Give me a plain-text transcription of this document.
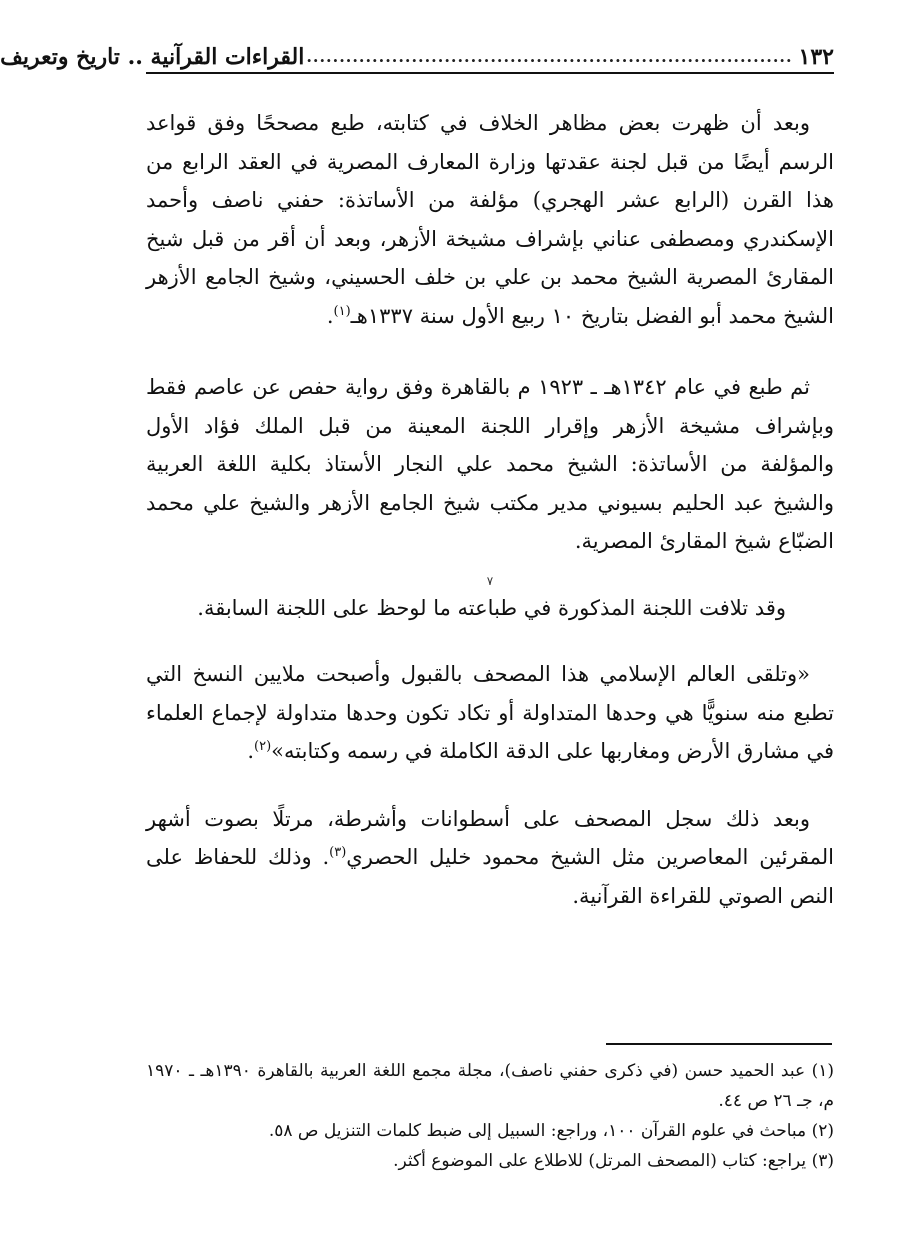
١٣٢
..........................................................................
القراءات القرآنية .. تاريخ وتعريف

وبعد أن ظهرت بعض مظاهر الخلاف في كتابته، طبع مصححًا وفق قواعد الرسم أيضًا من قبل لجنة عقدتها وزارة المعارف المصرية في العقد الرابع من هذا القرن (الرابع عشر الهجري) مؤلفة من الأساتذة: حفني ناصف وأحمد الإسكندري ومصطفى عناني بإشراف مشيخة الأزهر، وبعد أن أقر من قبل شيخ المقارئ المصرية الشيخ محمد بن علي بن خلف الحسيني، وشيخ الجامع الأزهر الشيخ محمد أبو الفضل بتاريخ ١٠ ربيع الأول سنة ١٣٣٧هـ$^{(١)}$.

ثم طبع في عام ١٣٤٢هـ ـ ١٩٢٣ م بالقاهرة وفق رواية حفص عن عاصم فقط وبإشراف مشيخة الأزهر وإقرار اللجنة المعينة من قبل الملك فؤاد الأول والمؤلفة من الأساتذة: الشيخ محمد علي النجار الأستاذ بكلية اللغة العربية والشيخ عبد الحليم بسيوني مدير مكتب شيخ الجامع الأزهر والشيخ علي محمد الضبّاع شيخ المقارئ المصرية.

٧

وقد تلافت اللجنة المذكورة في طباعته ما لوحظ على اللجنة السابقة.

«وتلقى العالم الإسلامي هذا المصحف بالقبول وأصبحت ملايين النسخ التي تطبع منه سنويًّا هي وحدها المتداولة أو تكاد تكون وحدها متداولة لإجماع العلماء في مشارق الأرض ومغاربها على الدقة الكاملة في رسمه وكتابته»$^{(٢)}$.

وبعد ذلك سجل المصحف على أسطوانات وأشرطة، مرتلًا بصوت أشهر المقرئين المعاصرين مثل الشيخ محمود خليل الحصري$^{(٣)}$. وذلك للحفاظ على النص الصوتي للقراءة القرآنية.

(١) عبد الحميد حسن (في ذكرى حفني ناصف)، مجلة مجمع اللغة العربية بالقاهرة ١٣٩٠هـ ـ ١٩٧٠ م، جـ ٢٦ ص ٤٤.

(٢) مباحث في علوم القرآن ١٠٠، وراجع: السبيل إلى ضبط كلمات التنزيل ص ٥٨.

(٣) يراجع: كتاب (المصحف المرتل) للاطلاع على الموضوع أكثر.
